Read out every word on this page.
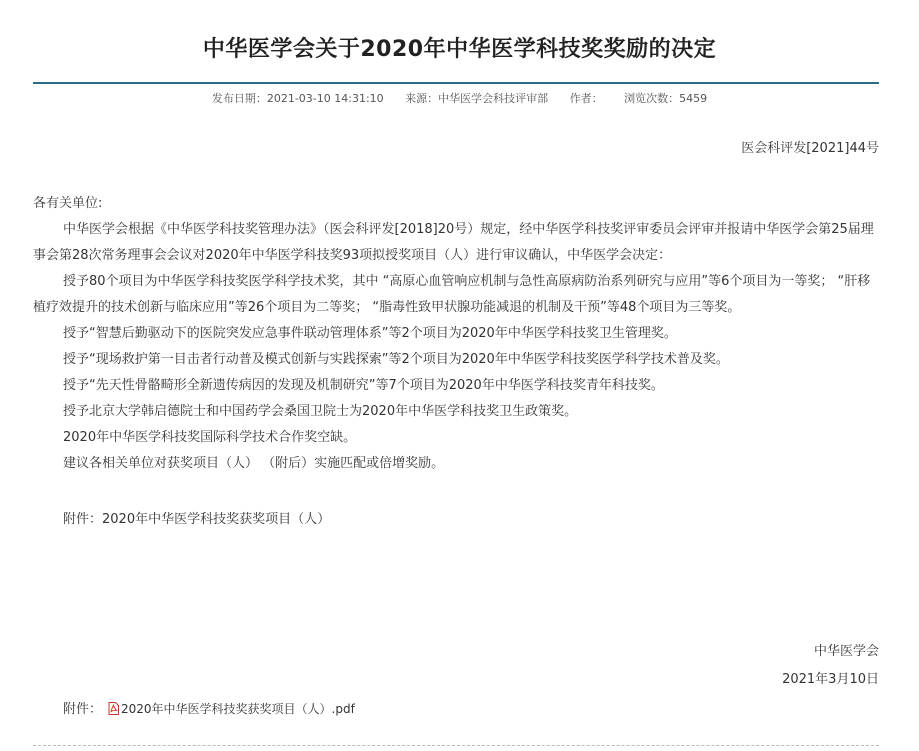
中华医学会关于2020年中华医学科技奖奖励的决定
发布日期：2021-03-10 14:31:10 来源：中华医学会科技评审部 作者： 浏览次数：5459
医会科评发[2021]44号

各有关单位:

中华医学会根据《中华医学科技奖管理办法》（医会科评发[2018]20号）规定，经中华医学科技奖评审委员会评审并报请中华医学会第25届理事会第28次常务理事会会议对2020年中华医学科技奖93项拟授奖项目（人）进行审议确认，中华医学会决定：

授予80个项目为中华医学科技奖医学科学技术奖，其中 “高原心血管响应机制与急性高原病防治系列研究与应用”等6个项目为一等奖； “肝移植疗效提升的技术创新与临床应用”等26个项目为二等奖； “脂毒性致甲状腺功能减退的机制及干预”等48个项目为三等奖。

授予“智慧后勤驱动下的医院突发应急事件联动管理体系”等2个项目为2020年中华医学科技奖卫生管理奖。

授予“现场救护第一目击者行动普及模式创新与实践探索”等2个项目为2020年中华医学科技奖医学科学技术普及奖。

授予“先天性骨骼畸形全新遗传病因的发现及机制研究”等7个项目为2020年中华医学科技奖青年科技奖。

授予北京大学韩启德院士和中国药学会桑国卫院士为2020年中华医学科技奖卫生政策奖。

2020年中华医学科技奖国际科学技术合作奖空缺。

建议各相关单位对获奖项目（人） （附后）实施匹配或倍增奖励。

附件：2020年中华医学科技奖获奖项目（人）

中华医学会
2021年3月10日
附件： 2020年中华医学科技奖获奖项目（人）.pdf
